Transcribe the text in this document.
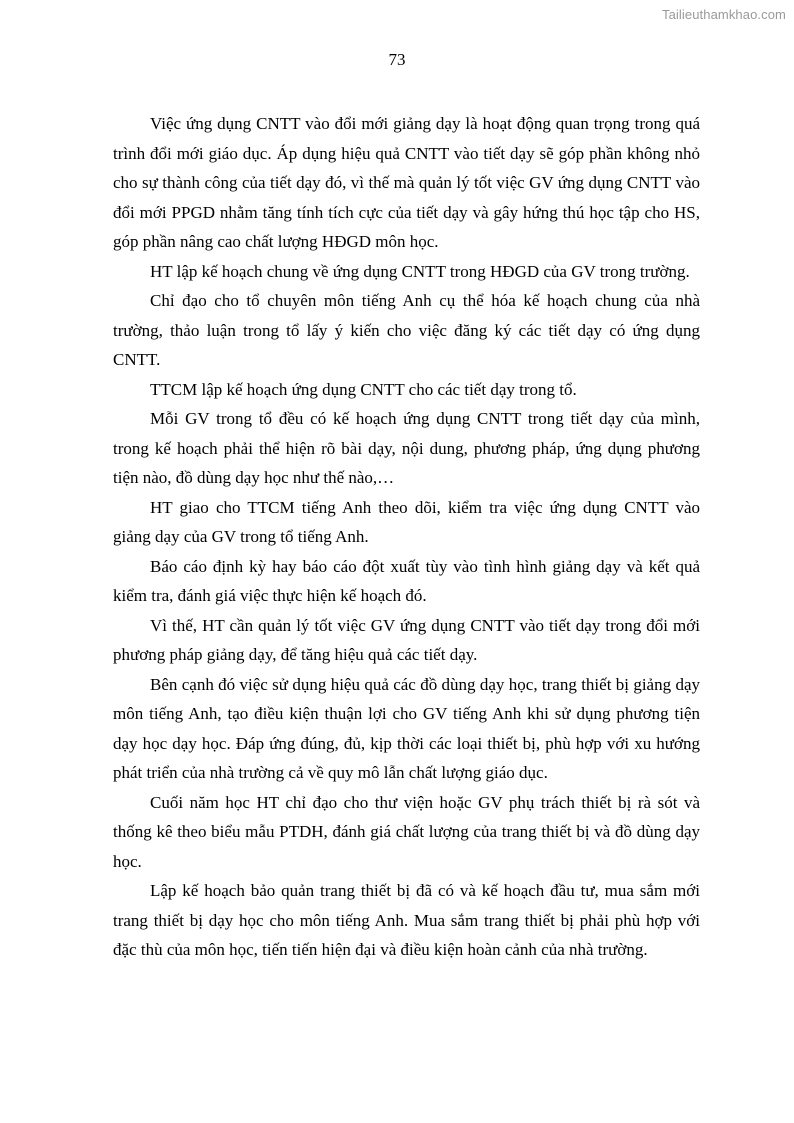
Tailieuthamkhao.com
73

Việc ứng dụng CNTT vào đổi mới giảng dạy là hoạt động quan trọng trong quá trình đổi mới giáo dục. Áp dụng hiệu quả CNTT vào tiết dạy sẽ góp phần không nhỏ cho sự thành công của tiết dạy đó, vì thế mà quản lý tốt việc GV ứng dụng CNTT vào đổi mới PPGD nhằm tăng tính tích cực của tiết dạy và gây hứng thú học tập cho HS, góp phần nâng cao chất lượng HĐGD môn học.

HT lập kế hoạch chung về ứng dụng CNTT trong HĐGD của GV trong trường.

Chỉ đạo cho tổ chuyên môn tiếng Anh cụ thể hóa kế hoạch chung của nhà trường, thảo luận trong tổ lấy ý kiến cho việc đăng ký các tiết dạy có ứng dụng CNTT.

TTCM lập kế hoạch ứng dụng CNTT cho các tiết dạy trong tổ.

Mỗi GV trong tổ đều có kế hoạch ứng dụng CNTT trong tiết dạy của mình, trong kế hoạch phải thể hiện rõ bài dạy, nội dung, phương pháp, ứng dụng phương tiện nào, đồ dùng dạy học như thế nào,…

HT giao cho TTCM tiếng Anh theo dõi, kiểm tra việc ứng dụng CNTT vào giảng dạy của GV trong tổ tiếng Anh.

Báo cáo định kỳ hay báo cáo đột xuất tùy vào tình hình giảng dạy và kết quả kiểm tra, đánh giá việc thực hiện kế hoạch đó.

Vì thế, HT cần quản lý tốt việc GV ứng dụng CNTT vào tiết dạy trong đổi mới phương pháp giảng dạy, để tăng hiệu quả các tiết dạy.

Bên cạnh đó việc sử dụng hiệu quả các đồ dùng dạy học, trang thiết bị giảng dạy môn tiếng Anh, tạo điều kiện thuận lợi cho GV tiếng Anh khi sử dụng phương tiện dạy học dạy học. Đáp ứng đúng, đủ, kịp thời các loại thiết bị, phù hợp với xu hướng phát triển của nhà trường cả về quy mô lẫn chất lượng giáo dục.

Cuối năm học HT chỉ đạo cho thư viện hoặc GV phụ trách thiết bị rà sót và thống kê theo biểu mẫu PTDH, đánh giá chất lượng của trang thiết bị và đồ dùng dạy học.

Lập kế hoạch bảo quản trang thiết bị đã có và kế hoạch đầu tư, mua sắm mới trang thiết bị dạy học cho môn tiếng Anh. Mua sắm trang thiết bị phải phù hợp với đặc thù của môn học, tiến tiến hiện đại và điều kiện hoàn cảnh của nhà trường.
